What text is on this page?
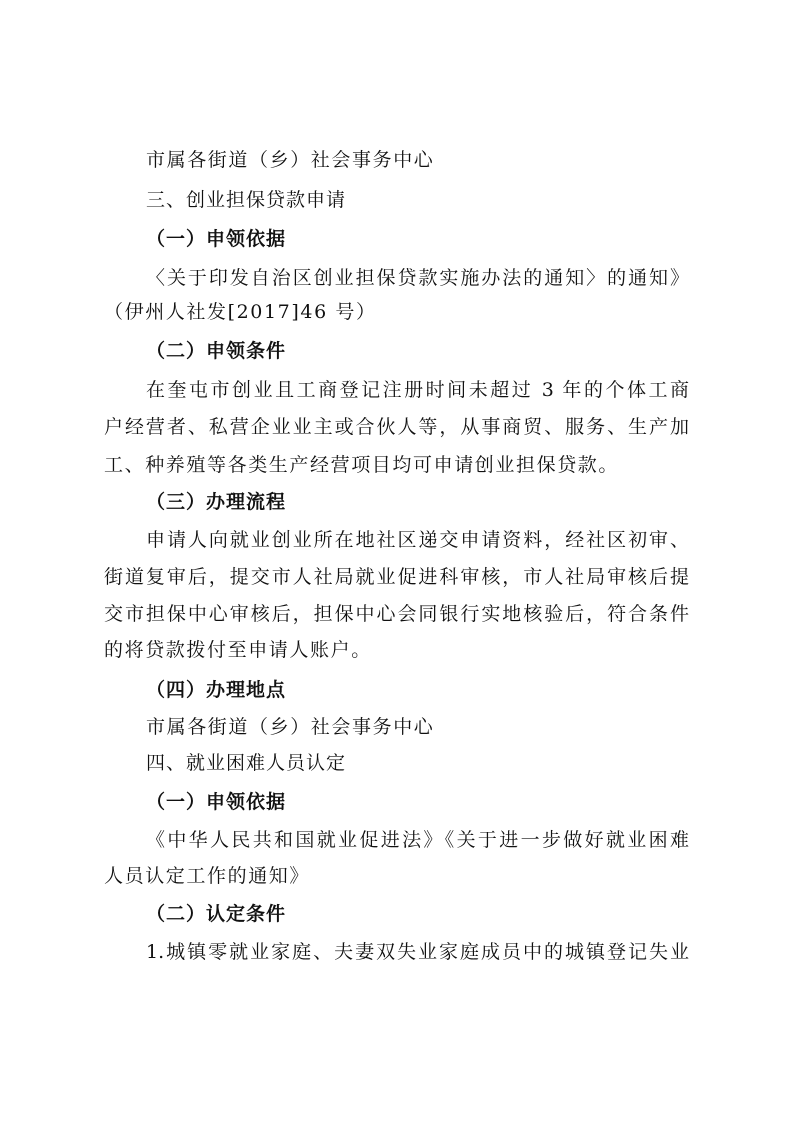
市属各街道（乡）社会事务中心
三、创业担保贷款申请
（一）申领依据
〈关于印发自治区创业担保贷款实施办法的通知〉的通知》
（伊州人社发[2017]46 号）
（二）申领条件
在奎屯市创业且工商登记注册时间未超过 3 年的个体工商
户经营者、私营企业业主或合伙人等，从事商贸、服务、生产加
工、种养殖等各类生产经营项目均可申请创业担保贷款。
（三）办理流程
申请人向就业创业所在地社区递交申请资料，经社区初审、
街道复审后，提交市人社局就业促进科审核，市人社局审核后提
交市担保中心审核后，担保中心会同银行实地核验后，符合条件
的将贷款拨付至申请人账户。
（四）办理地点
市属各街道（乡）社会事务中心
四、就业困难人员认定
（一）申领依据
《中华人民共和国就业促进法》《关于进一步做好就业困难
人员认定工作的通知》
（二）认定条件
1.城镇零就业家庭、夫妻双失业家庭成员中的城镇登记失业
